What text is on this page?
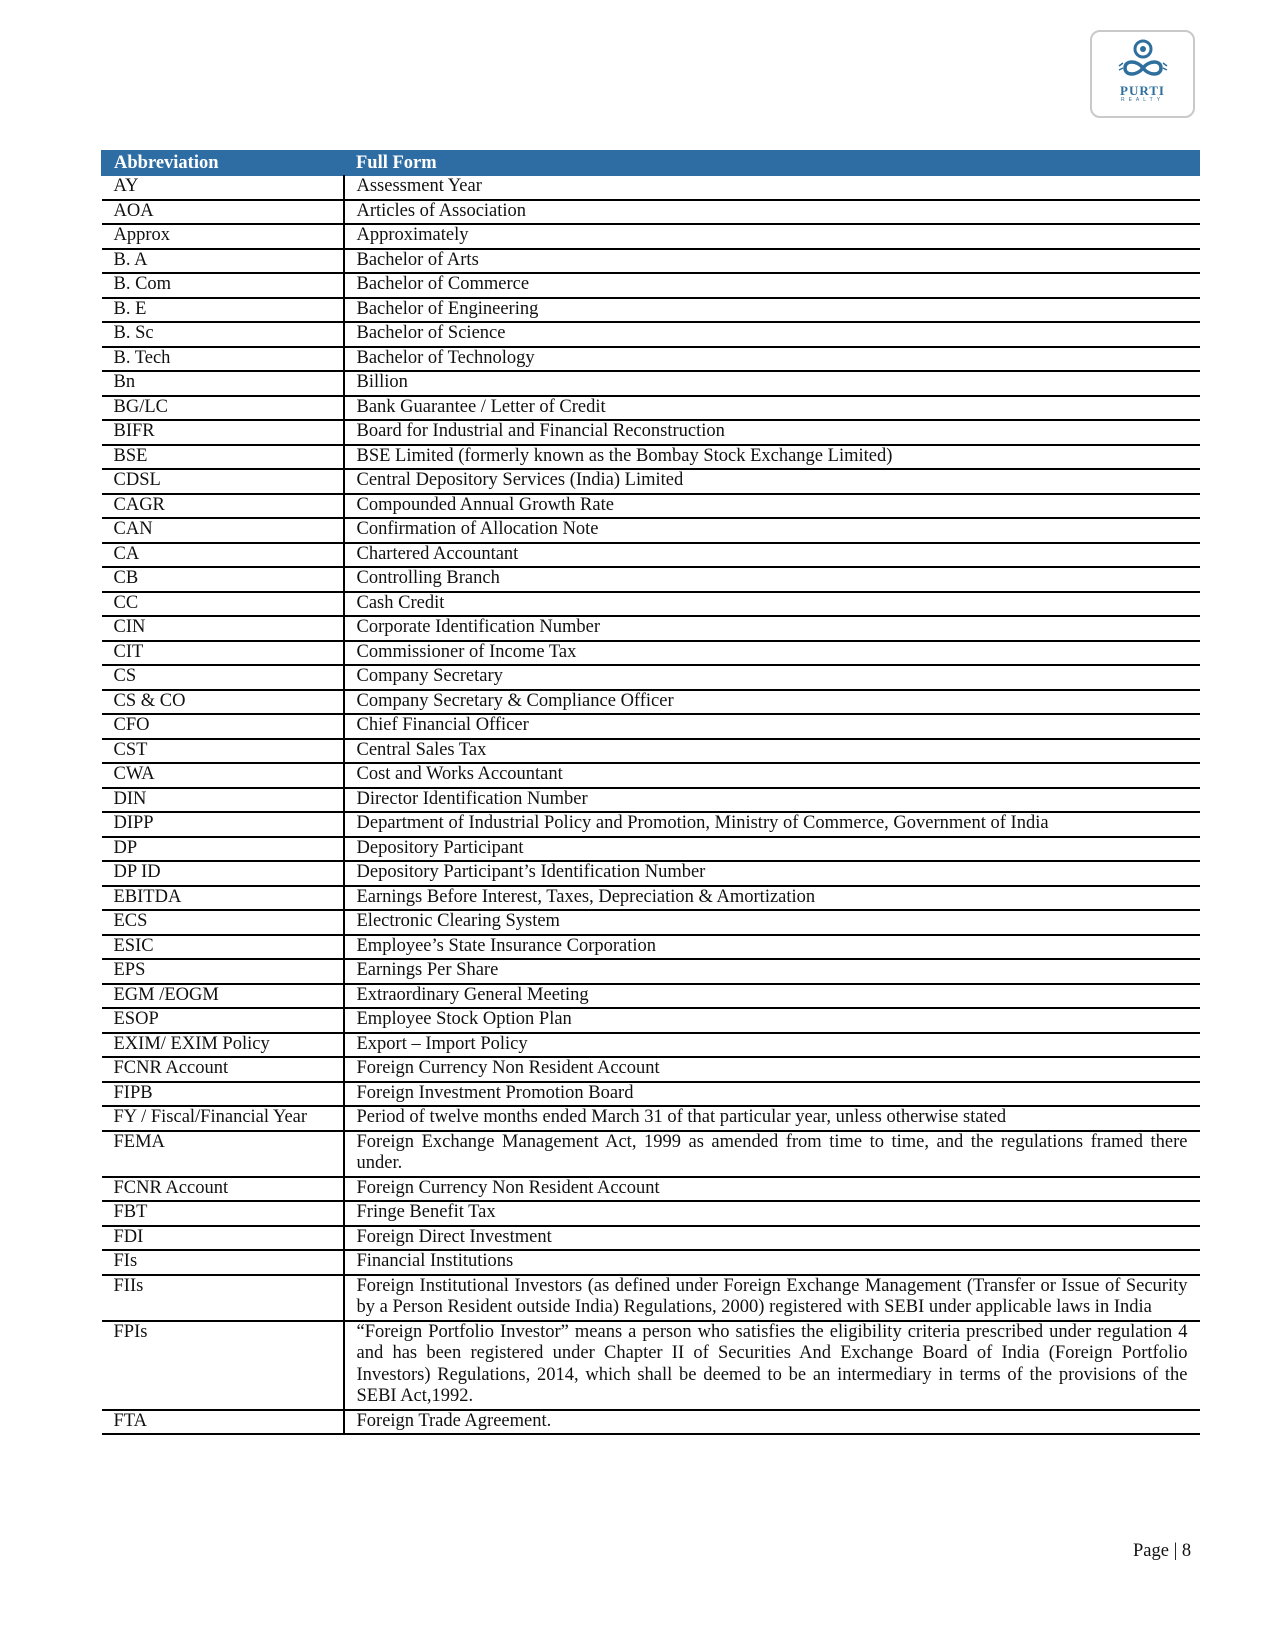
PURTI
REALTY
Abbreviation	Full Form
AY	Assessment Year
AOA	Articles of Association
Approx	Approximately
B. A	Bachelor of Arts
B. Com	Bachelor of Commerce
B. E	Bachelor of Engineering
B. Sc	Bachelor of Science
B. Tech	Bachelor of Technology
Bn	Billion
BG/LC	Bank Guarantee / Letter of Credit
BIFR	Board for Industrial and Financial Reconstruction
BSE	BSE Limited (formerly known as the Bombay Stock Exchange Limited)
CDSL	Central Depository Services (India) Limited
CAGR	Compounded Annual Growth Rate
CAN	Confirmation of Allocation Note
CA	Chartered Accountant
CB	Controlling Branch
CC	Cash Credit
CIN	Corporate Identification Number
CIT	Commissioner of Income Tax
CS	Company Secretary
CS & CO	Company Secretary & Compliance Officer
CFO	Chief Financial Officer
CST	Central Sales Tax
CWA	Cost and Works Accountant
DIN	Director Identification Number
DIPP	Department of Industrial Policy and Promotion, Ministry of Commerce, Government of India
DP	Depository Participant
DP ID	Depository Participant’s Identification Number
EBITDA	Earnings Before Interest, Taxes, Depreciation & Amortization
ECS	Electronic Clearing System
ESIC	Employee’s State Insurance Corporation
EPS	Earnings Per Share
EGM /EOGM	Extraordinary General Meeting
ESOP	Employee Stock Option Plan
EXIM/ EXIM Policy	Export – Import Policy
FCNR Account	Foreign Currency Non Resident Account
FIPB	Foreign Investment Promotion Board
FY / Fiscal/Financial Year	Period of twelve months ended March 31 of that particular year, unless otherwise stated
FEMA	Foreign Exchange Management Act, 1999 as amended from time to time, and the regulations framed there under.
FCNR Account	Foreign Currency Non Resident Account
FBT	Fringe Benefit Tax
FDI	Foreign Direct Investment
FIs	Financial Institutions
FIIs	Foreign Institutional Investors (as defined under Foreign Exchange Management (Transfer or Issue of Security by a Person Resident outside India) Regulations, 2000) registered with SEBI under applicable laws in India
FPIs	“Foreign Portfolio Investor” means a person who satisfies the eligibility criteria prescribed under regulation 4 and has been registered under Chapter II of Securities And Exchange Board of India (Foreign Portfolio Investors) Regulations, 2014, which shall be deemed to be an intermediary in terms of the provisions of the SEBI Act,1992.
FTA	Foreign Trade Agreement.
Page | 8
